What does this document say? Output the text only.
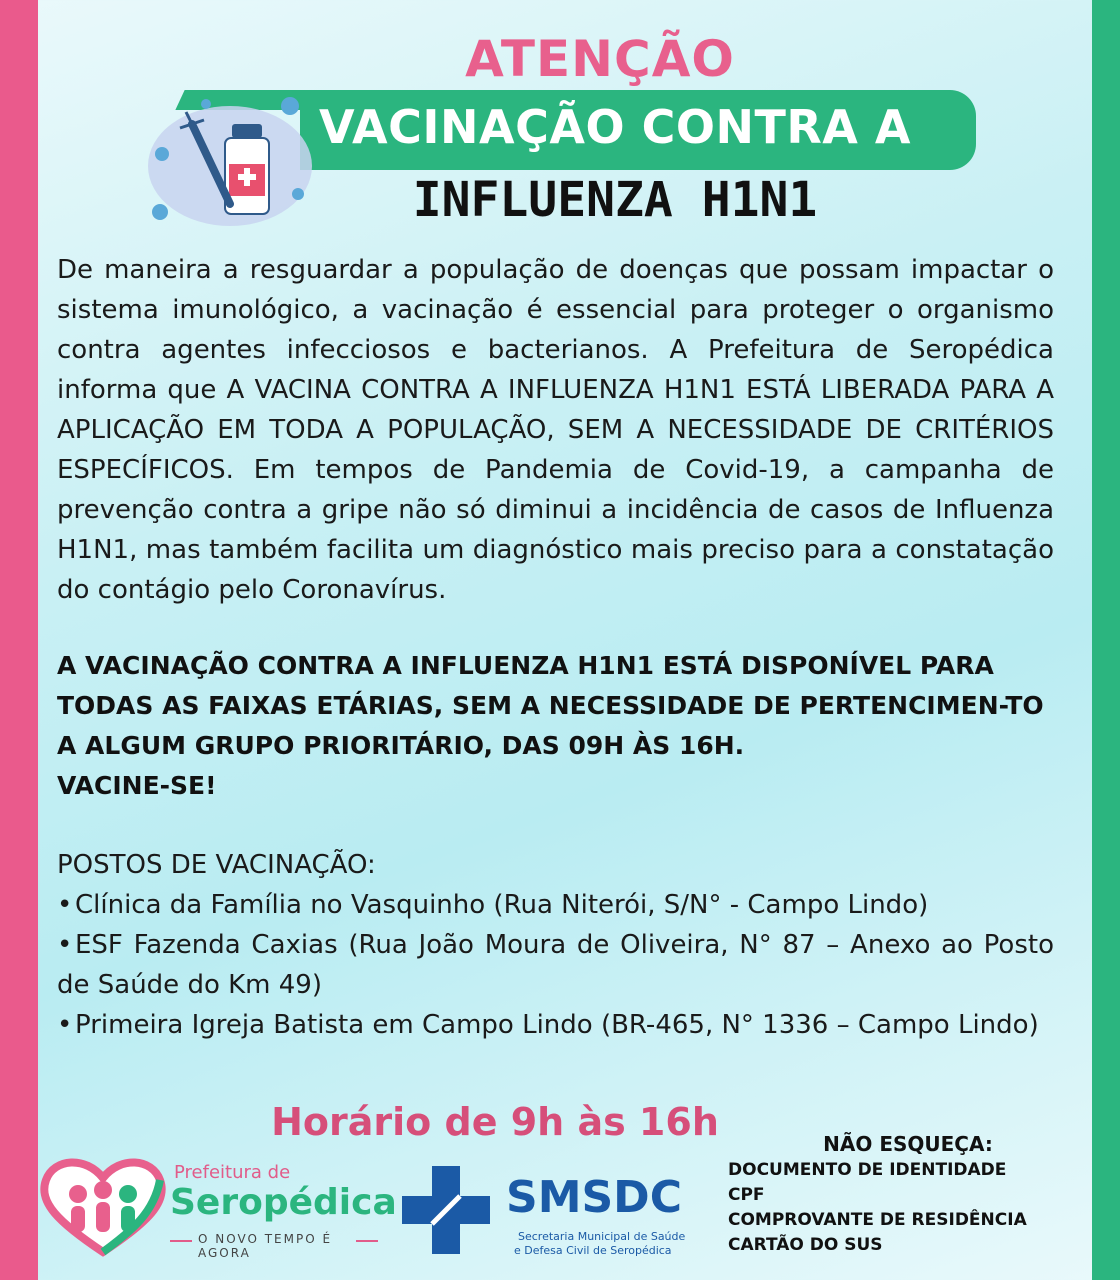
ATENÇÃO
VACINAÇÃO CONTRA A
INFLUENZA H1N1

De maneira a resguardar a população de doenças que possam impactar o sistema imunológico, a vacinação é essencial para proteger o organismo contra agentes infecciosos e bacterianos. A Prefeitura de Seropédica informa que A VACINA CONTRA A INFLUENZA H1N1 ESTÁ LIBERADA PARA A APLICAÇÃO EM TODA A POPULAÇÃO, SEM A NECESSIDADE DE CRITÉRIOS ESPECÍFICOS. Em tempos de Pandemia de Covid-19, a campanha de prevenção contra a gripe não só diminui a incidência de casos de Influenza H1N1, mas também facilita um diagnóstico mais preciso para a constatação do contágio pelo Coronavírus.

A VACINAÇÃO CONTRA A INFLUENZA H1N1 ESTÁ DISPONÍVEL PARA TODAS AS FAIXAS ETÁRIAS, SEM A NECESSIDADE DE PERTENCIMEN-TO A ALGUM GRUPO PRIORITÁRIO, DAS 09H ÀS 16H.
VACINE-SE!
POSTOS DE VACINAÇÃO:
• Clínica da Família no Vasquinho (Rua Niterói, S/N° - Campo Lindo)
• ESF Fazenda Caxias (Rua João Moura de Oliveira, N° 87 – Anexo ao Posto de Saúde do Km 49)
• Primeira Igreja Batista em Campo Lindo (BR-465, N° 1336 – Campo Lindo)
Horário de 9h às 16h
Prefeitura de
Seropédica
O NOVO TEMPO É AGORA
SMSDC
Secretaria Municipal de Saúde
e Defesa Civil de Seropédica
NÃO ESQUEÇA:
DOCUMENTO DE IDENTIDADE
CPF
COMPROVANTE DE RESIDÊNCIA
CARTÃO DO SUS
